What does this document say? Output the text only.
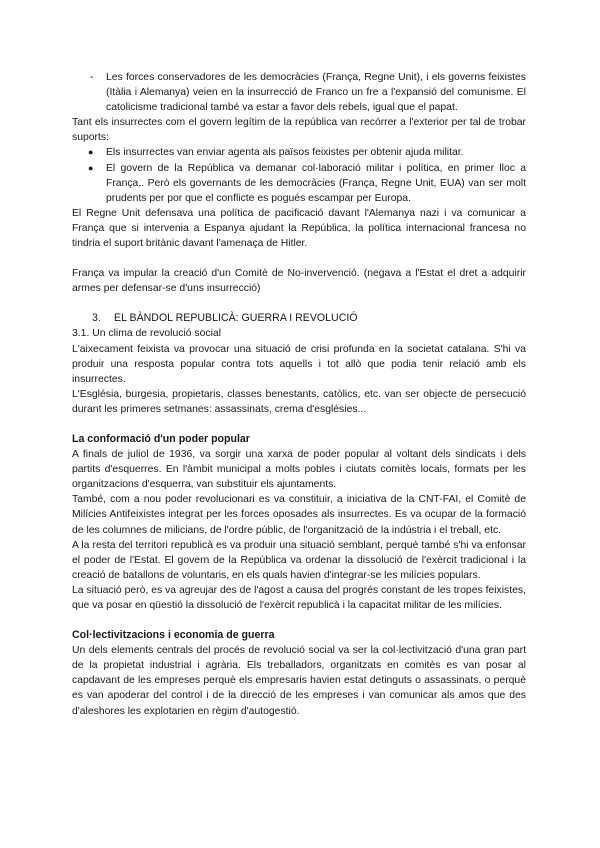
- Les forces conservadores de les democràcies (França, Regne Unit), i els governs feixistes (Itàlia i Alemanya) veien en la insurrecció de Franco un fre a l'expansió del comunisme. El catolicisme tradicional també va estar a favor dels rebels, igual que el papat.

Tant els insurrectes com el govern legítim de la república van recórrer a l'exterior per tal de trobar suports:

● Els insurrectes van enviar agenta als països feixistes per obtenir ajuda militar.
● El govern de la República va demanar col·laboració militar i política, en primer lloc a França,. Però els governants de les democràcies (França, Regne Unit, EUA) van ser molt prudents per por que el conflicte es pogués escampar per Europa.

El Regne Unit defensava una política de pacificació davant l'Alemanya nazi i va comunicar a França que si intervenia a Espanya ajudant la República, la política internacional francesa no tindria el suport britànic davant l'amenaça de Hitler.

França va impular la creació d'un Comitè de No-invervenció. (negava a l'Estat el dret a adquirir armes per defensar-se d'uns insurrecció)

3. EL BÀNDOL REPUBLICÀ: GUERRA I REVOLUCIÓ
3.1. Un clima de revolució social

L'aixecament feixista va provocar una situació de crisi profunda en la societat catalana. S'hi va produir una resposta popular contra tots aquells i tot allò que podia tenir relació amb els insurrectes.

L'Església, burgesia, propietaris, classes benestants, catòlics, etc. van ser objecte de persecució durant les primeres setmanes: assassinats, crema d'esglésies...

La conformació d'un poder popular

A finals de juliol de 1936, va sorgir una xarxa de poder popular al voltant dels sindicats i dels partits d'esquerres. En l'àmbit municipal a molts pobles i ciutats comitès locals, formats per les organitzacions d'esquerra, van substituir els ajuntaments.

També, com a nou poder revolucionari es va constituir, a iniciativa de la CNT-FAI, el Comitè de Milícies Antifeixistes integrat per les forces oposades als insurrectes. Es va ocupar de la formació de les columnes de milicians, de l'ordre públic, de l'organització de la indústria i el treball, etc.

A la resta del territori republicà es va produir una situació semblant, perquè també s'hi va enfonsar el poder de l'Estat. El govern de la República va ordenar la dissolució de l'exèrcit tradicional i la creació de batallons de voluntaris, en els quals havien d'integrar-se les milícies populars.

La situació però, es va agreujar des de l'agost a causa del progrés constant de les tropes feixistes, que va posar en qüestió la dissolució de l'exèrcit republicà i la capacitat militar de les milícies.

Col·lectivitzacions i economia de guerra

Un dels elements centrals del procés de revolució social va ser la col·lectivització d'una gran part de la propietat industrial i agrària. Els treballadors, organitzats en comitès es van posar al capdavant de les empreses perquè els empresaris havien estat detinguts o assassinats, o perquè es van apoderar del control i de la direcció de les empreses i van comunicar als amos que des d'aleshores les explotarien en règim d'autogestió.
